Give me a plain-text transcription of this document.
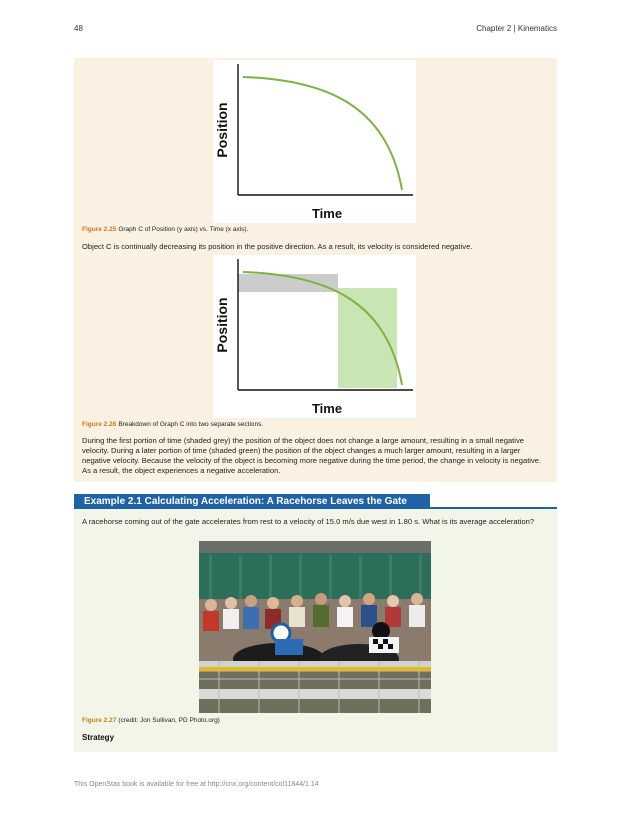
48	Chapter 2 | Kinematics
Position
Time
Figure 2.25 Graph C of Position (y axis) vs. Time (x axis).
Object C is continually decreasing its position in the positive direction. As a result, its velocity is considered negative.
Position
Time
Figure 2.26 Breakdown of Graph C into two separate sections.
During the first portion of time (shaded grey) the position of the object does not change a large amount, resulting in a small negative velocity. During a later portion of time (shaded green) the position of the object changes a much larger amount, resulting in a larger negative velocity. Because the velocity of the object is becoming more negative during the time period, the change in velocity is negative. As a result, the object experiences a negative acceleration.
Example 2.1 Calculating Acceleration: A Racehorse Leaves the Gate
A racehorse coming out of the gate accelerates from rest to a velocity of 15.0 m/s due west in 1.80 s. What is its average acceleration?
Figure 2.27 (credit: Jon Sullivan, PD Photo.org)
Strategy
This OpenStax book is available for free at http://cnx.org/content/col11844/1.14
